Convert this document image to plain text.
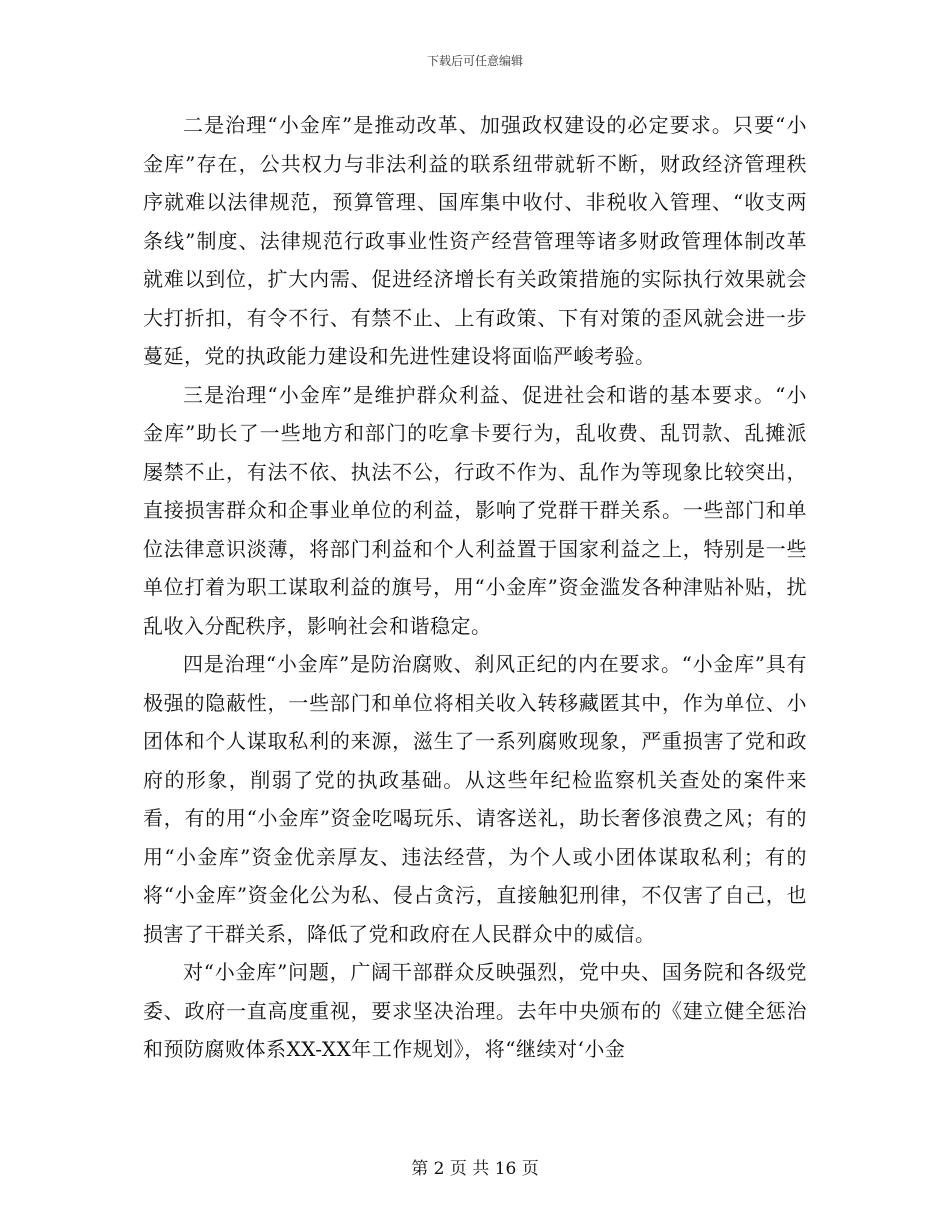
下载后可任意编辑

二是治理“小金库”是推动改革、加强政权建设的必定要求。只要“小金库”存在，公共权力与非法利益的联系纽带就斩不断，财政经济管理秩序就难以法律规范，预算管理、国库集中收付、非税收入管理、“收支两条线”制度、法律规范行政事业性资产经营管理等诸多财政管理体制改革就难以到位，扩大内需、促进经济增长有关政策措施的实际执行效果就会大打折扣，有令不行、有禁不止、上有政策、下有对策的歪风就会进一步蔓延，党的执政能力建设和先进性建设将面临严峻考验。

三是治理“小金库”是维护群众利益、促进社会和谐的基本要求。“小金库”助长了一些地方和部门的吃拿卡要行为，乱收费、乱罚款、乱摊派屡禁不止，有法不依、执法不公，行政不作为、乱作为等现象比较突出，直接损害群众和企事业单位的利益，影响了党群干群关系。一些部门和单位法律意识淡薄，将部门利益和个人利益置于国家利益之上，特别是一些单位打着为职工谋取利益的旗号，用“小金库”资金滥发各种津贴补贴，扰乱收入分配秩序，影响社会和谐稳定。

四是治理“小金库”是防治腐败、刹风正纪的内在要求。“小金库”具有极强的隐蔽性，一些部门和单位将相关收入转移藏匿其中，作为单位、小团体和个人谋取私利的来源，滋生了一系列腐败现象，严重损害了党和政府的形象，削弱了党的执政基础。从这些年纪检监察机关查处的案件来看，有的用“小金库”资金吃喝玩乐、请客送礼，助长奢侈浪费之风；有的用“小金库”资金优亲厚友、违法经营，为个人或小团体谋取私利；有的将“小金库”资金化公为私、侵占贪污，直接触犯刑律，不仅害了自己，也损害了干群关系，降低了党和政府在人民群众中的威信。

对“小金库”问题，广阔干部群众反映强烈，党中央、国务院和各级党委、政府一直高度重视，要求坚决治理。去年中央颁布的《建立健全惩治和预防腐败体系XX-XX年工作规划》，将“继续对‘小金

第 2 页 共 16 页
